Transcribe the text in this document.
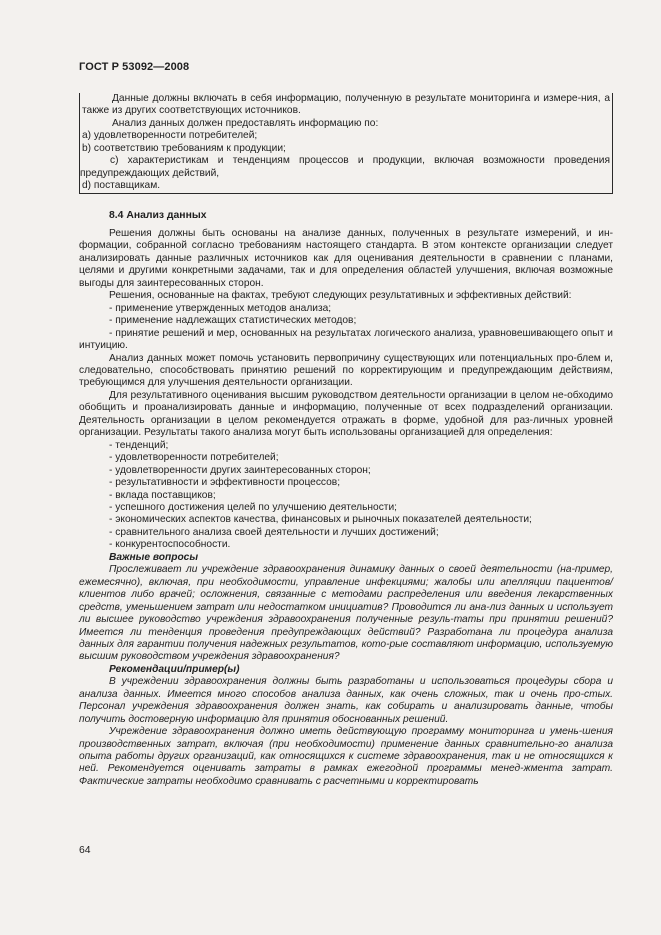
ГОСТ Р 53092—2008

Данные должны включать в себя информацию, полученную в результате мониторинга и измере-ния, а также из других соответствующих источников.

Анализ данных должен предоставлять информацию по:

a) удовлетворенности потребителей;

b) соответствию требованиям к продукции;

c) характеристикам и тенденциям процессов и продукции, включая возможности проведения предупреждающих действий,

d) поставщикам.

8.4 Анализ данных

Решения должны быть основаны на анализе данных, полученных в результате измерений, и ин-формации, собранной согласно требованиям настоящего стандарта. В этом контексте организации следует анализировать данные различных источников как для оценивания деятельности в сравнении с планами, целями и другими конкретными задачами, так и для определения областей улучшения, включая возможные выгоды для заинтересованных сторон.

Решения, основанные на фактах, требуют следующих результативных и эффективных действий:

- применение утвержденных методов анализа;

- применение надлежащих статистических методов;

- принятие решений и мер, основанных на результатах логического анализа, уравновешивающего опыт и интуицию.

Анализ данных может помочь установить первопричину существующих или потенциальных про-блем и, следовательно, способствовать принятию решений по корректирующим и предупреждающим действиям, требующимся для улучшения деятельности организации.

Для результативного оценивания высшим руководством деятельности организации в целом не-обходимо обобщить и проанализировать данные и информацию, полученные от всех подразделений организации. Деятельность организации в целом рекомендуется отражать в форме, удобной для раз-личных уровней организации. Результаты такого анализа могут быть использованы организацией для определения:

- тенденций;

- удовлетворенности потребителей;

- удовлетворенности других заинтересованных сторон;

- результативности и эффективности процессов;

- вклада поставщиков;

- успешного достижения целей по улучшению деятельности;

- экономических аспектов качества, финансовых и рыночных показателей деятельности;

- сравнительного анализа своей деятельности и лучших достижений;

- конкурентоспособности.

Важные вопросы

Прослеживает ли учреждение здравоохранения динамику данных о своей деятельности (на-пример, ежемесячно), включая, при необходимости, управление инфекциями; жалобы или апелляции пациентов/клиентов либо врачей; осложнения, связанные с методами распределения или введения лекарственных средств, уменьшением затрат или недостатком инициатив? Проводится ли ана-лиз данных и использует ли высшее руководство учреждения здравоохранения полученные резуль-таты при принятии решений? Имеется ли тенденция проведения предупреждающих действий? Разработана ли процедура анализа данных для гарантии получения надежных результатов, кото-рые составляют информацию, используемую высшим руководством учреждения здравоохранения?

Рекомендации/пример(ы)

В учреждении здравоохранения должны быть разработаны и использоваться процедуры сбора и анализа данных. Имеется много способов анализа данных, как очень сложных, так и очень про-стых. Персонал учреждения здравоохранения должен знать, как собирать и анализировать данные, чтобы получить достоверную информацию для принятия обоснованных решений.

Учреждение здравоохранения должно иметь действующую программу мониторинга и умень-шения производственных затрат, включая (при необходимости) применение данных сравнительно-го анализа опыта работы других организаций, как относящихся к системе здравоохранения, так и не относящихся к ней. Рекомендуется оценивать затраты в рамках ежегодной программы менед-жмента затрат. Фактические затраты необходимо сравнивать с расчетными и корректировать

64
